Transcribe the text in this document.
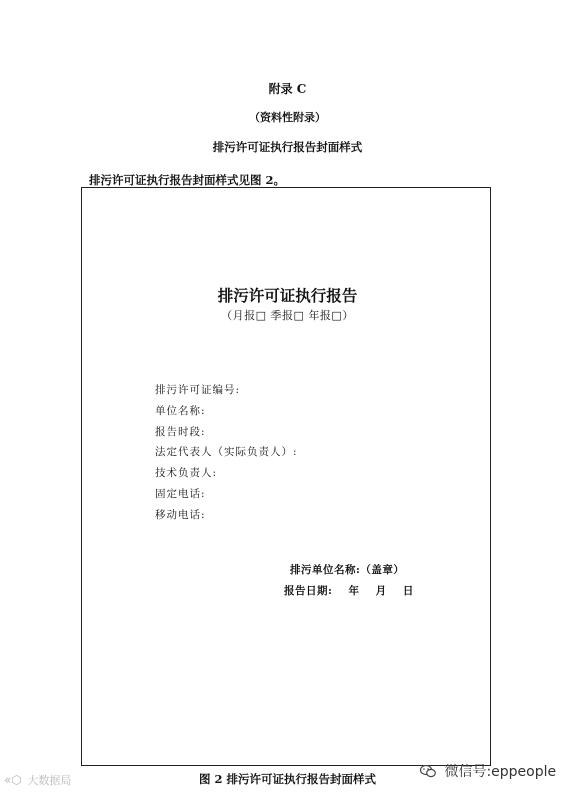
附录 C
（资料性附录）
排污许可证执行报告封面样式
排污许可证执行报告封面样式见图 2。
排污许可证执行报告
（月报□ 季报□ 年报□）
排污许可证编号:
单位名称:
报告时段:
法定代表人（实际负责人）:
技术负责人:
固定电话:
移动电话:
排污单位名称:（盖章）
报告日期: 年 月 日
图 2 排污许可证执行报告封面样式
«⬡ 大数据局
微信号:eppeople
